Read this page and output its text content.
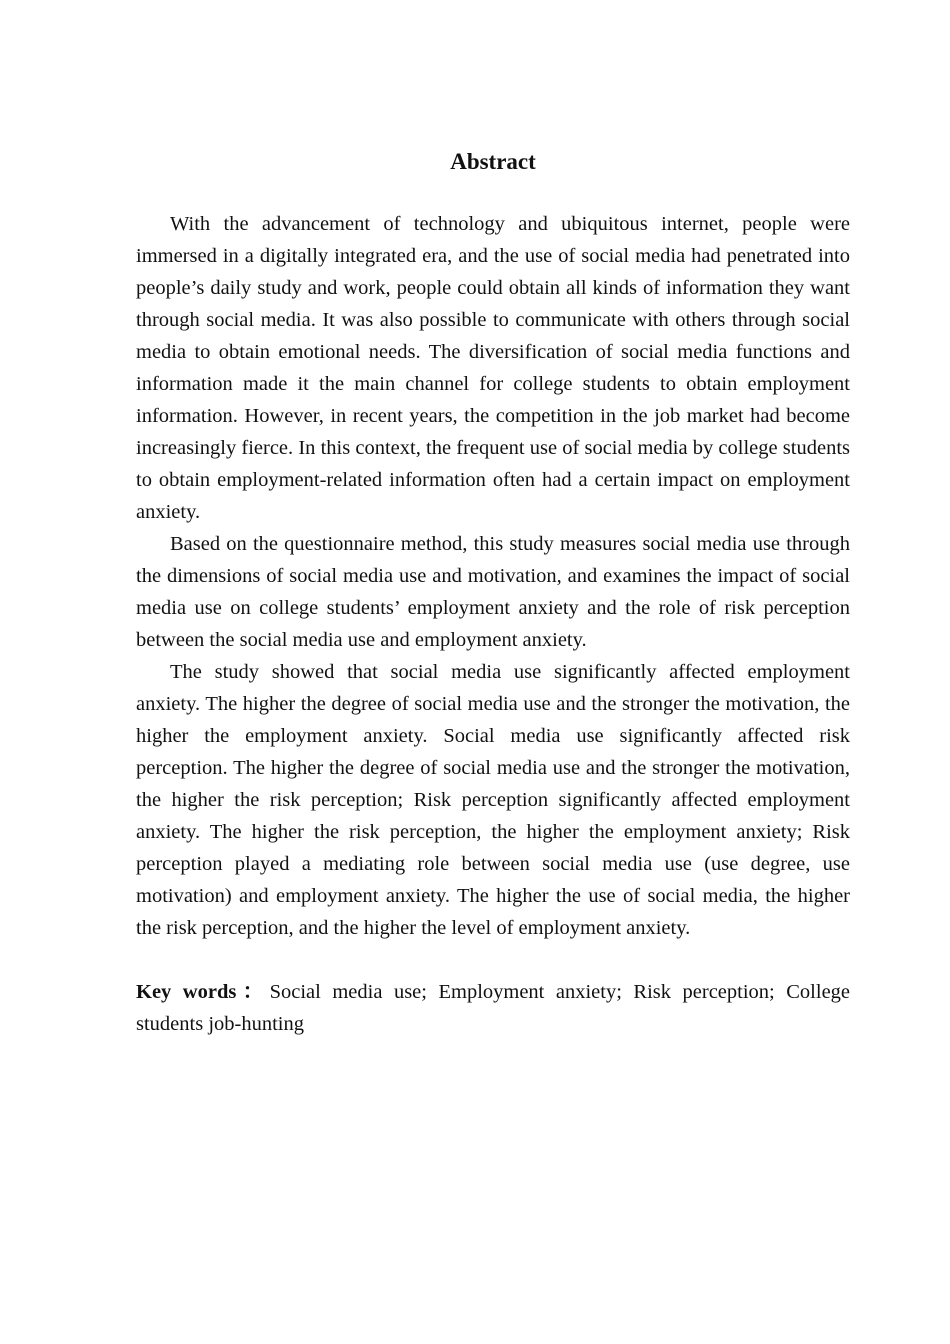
Abstract

With the advancement of technology and ubiquitous internet, people were immersed in a digitally integrated era, and the use of social media had penetrated into people’s daily study and work, people could obtain all kinds of information they want through social media. It was also possible to communicate with others through social media to obtain emotional needs. The diversification of social media functions and information made it the main channel for college students to obtain employment information. However, in recent years, the competition in the job market had become increasingly fierce. In this context, the frequent use of social media by college students to obtain employment-related information often had a certain impact on employment anxiety.

Based on the questionnaire method, this study measures social media use through the dimensions of social media use and motivation, and examines the impact of social media use on college students’ employment anxiety and the role of risk perception between the social media use and employment anxiety.

The study showed that social media use significantly affected employment anxiety. The higher the degree of social media use and the stronger the motivation, the higher the employment anxiety. Social media use significantly affected risk perception. The higher the degree of social media use and the stronger the motivation, the higher the risk perception; Risk perception significantly affected employment anxiety. The higher the risk perception, the higher the employment anxiety; Risk perception played a mediating role between social media use (use degree, use motivation) and employment anxiety. The higher the use of social media, the higher the risk perception, and the higher the level of employment anxiety.

Key words：Social media use; Employment anxiety; Risk perception; College students job-hunting
